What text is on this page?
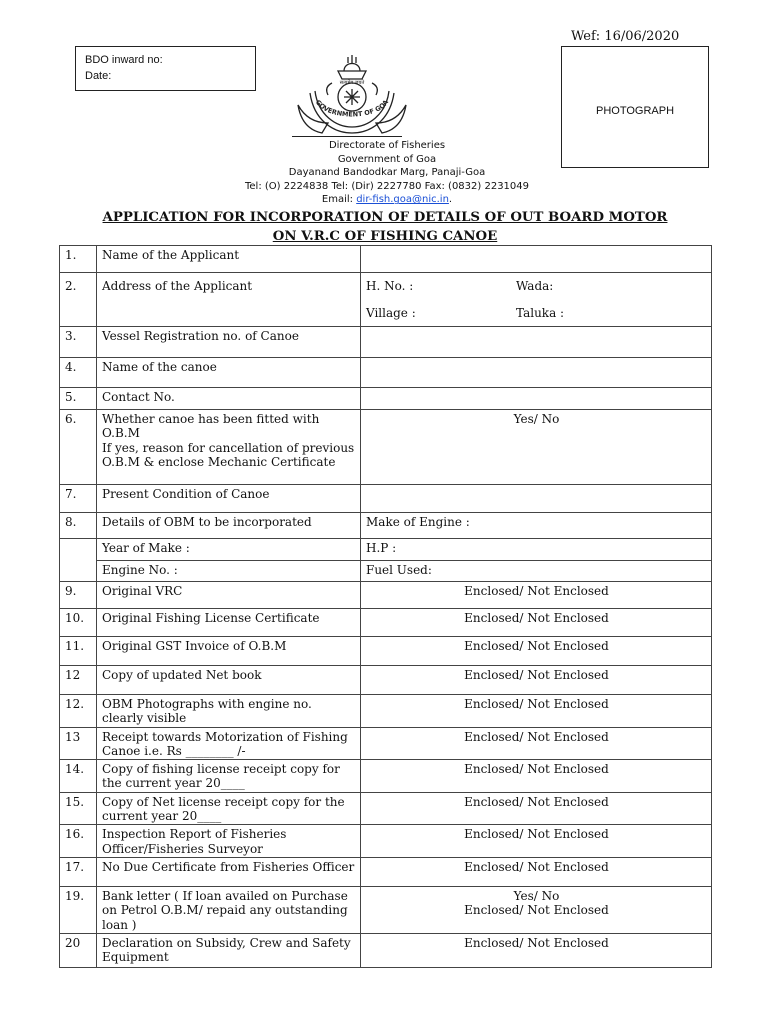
Wef: 16/06/2020
BDO inward no:
Date:
PHOTOGRAPH
सत्यमेव जयते
GOVERNMENT OF GOA
Directorate of Fisheries
Government of Goa
Dayanand Bandodkar Marg, Panaji-Goa
Tel: (O) 2224838 Tel: (Dir) 2227780 Fax: (0832) 2231049
Email: dir-fish.goa@nic.in.
APPLICATION FOR INCORPORATION OF DETAILS OF OUT BOARD MOTOR
ON V.R.C OF FISHING CANOE
1.	Name of the Applicant	
2.	Address of the Applicant	H. No. : Wada:
Village : Taluka :

3.	Vessel Registration no. of Canoe	
4.	Name of the canoe	
5.	Contact No.	
6.	Whether canoe has been fitted with O.B.M
If yes, reason for cancellation of previous O.B.M & enclose Mechanic Certificate	Yes/ No
7.	Present Condition of Canoe	
8.	Details of OBM to be incorporated	Make of Engine :
	Year of Make :	H.P :
	Engine No. :	Fuel Used:
9.	Original VRC	Enclosed/ Not Enclosed
10.	Original Fishing License Certificate	Enclosed/ Not Enclosed
11.	Original GST Invoice of O.B.M	Enclosed/ Not Enclosed
12	Copy of updated Net book	Enclosed/ Not Enclosed
12.	OBM Photographs with engine no. clearly visible	Enclosed/ Not Enclosed
13	Receipt towards Motorization of Fishing Canoe i.e. Rs ________ /-	Enclosed/ Not Enclosed
14.	Copy of fishing license receipt copy for the current year 20____	Enclosed/ Not Enclosed
15.	Copy of Net license receipt copy for the current year 20____	Enclosed/ Not Enclosed
16.	Inspection Report of Fisheries Officer/Fisheries Surveyor	Enclosed/ Not Enclosed
17.	No Due Certificate from Fisheries Officer	Enclosed/ Not Enclosed
19.	Bank letter ( If loan availed on Purchase on Petrol O.B.M/ repaid any outstanding loan )	Yes/ No
Enclosed/ Not Enclosed

20	Declaration on Subsidy, Crew and Safety Equipment	Enclosed/ Not Enclosed
